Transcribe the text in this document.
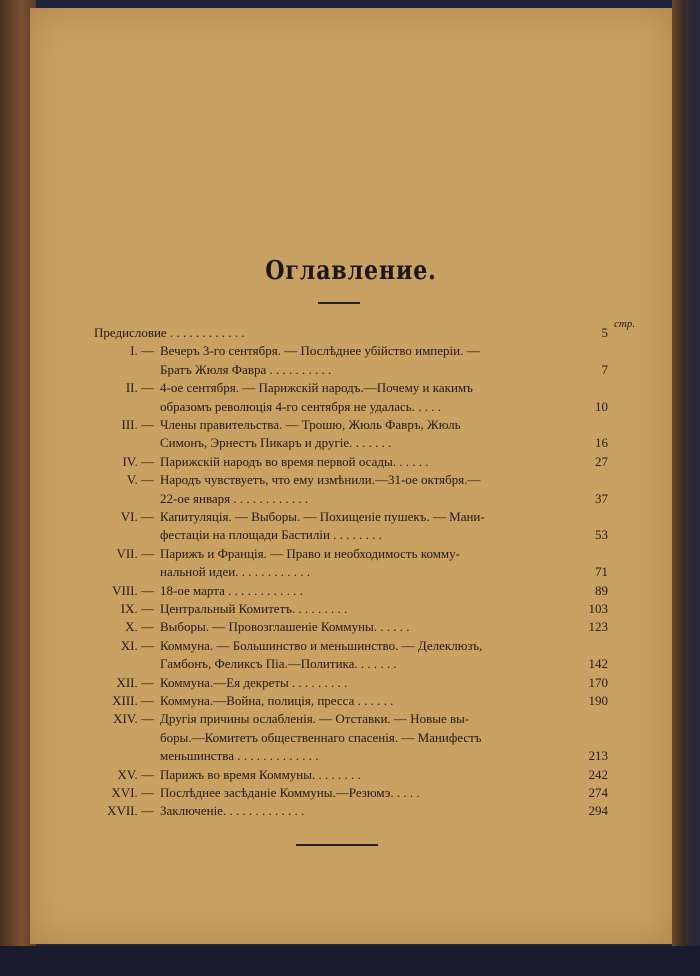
Оглавление.
стр.
Предисловие . . . . . . . . . . . .	5
I. — Вечеръ 3-го сентября. — Послѣднее убійство имперіи. —
Братъ Жюля Фавра . . . . . . . . . .	7
II. — 4-ое сентября. — Парижскій народъ.—Почему и какимъ
образомъ революція 4-го сентября не удалась. . . . .	10
III. — Члены правительства. — Трошю, Жюль Фавръ, Жюль
Симонъ, Эрнестъ Пикаръ и другіе. . . . . . .	16
IV. — Парижскій народъ во время первой осады. . . . . .	27
V. — Народъ чувствуетъ, что ему измѣнили.—31-ое октября.—
22-ое января . . . . . . . . . . . .	37
VI. — Капитуляція. — Выборы. — Похищеніе пушекъ. — Мани-
фестаціи на площади Бастиліи . . . . . . . .	53
VII. — Парижъ и Франція. — Право и необходимость комму-
нальной идеи. . . . . . . . . . . .	71
VIII. — 18-ое марта . . . . . . . . . . . .	89
IX. — Центральный Комитетъ. . . . . . . . .	103
X. — Выборы. — Провозглашеніе Коммуны. . . . . .	123
XI. — Коммуна. — Большинство и меньшинство. — Делеклюзъ,
Гамбонъ, Феликсъ Піа.—Политика. . . . . . .	142
XII. — Коммуна.—Ея декреты . . . . . . . . .	170
XIII. — Коммуна.—Война, полиція, пресса . . . . . .	190
XIV. — Другія причины ослабленія. — Отставки. — Новые вы-
боры.—Комитетъ общественнаго спасенія. — Манифестъ
меньшинства . . . . . . . . . . . . .	213
XV. — Парижъ во время Коммуны. . . . . . . .	242
XVI. — Послѣднее засѣданіе Коммуны.—Резюмэ. . . . .	274
XVII. — Заключеніе. . . . . . . . . . . . .	294
